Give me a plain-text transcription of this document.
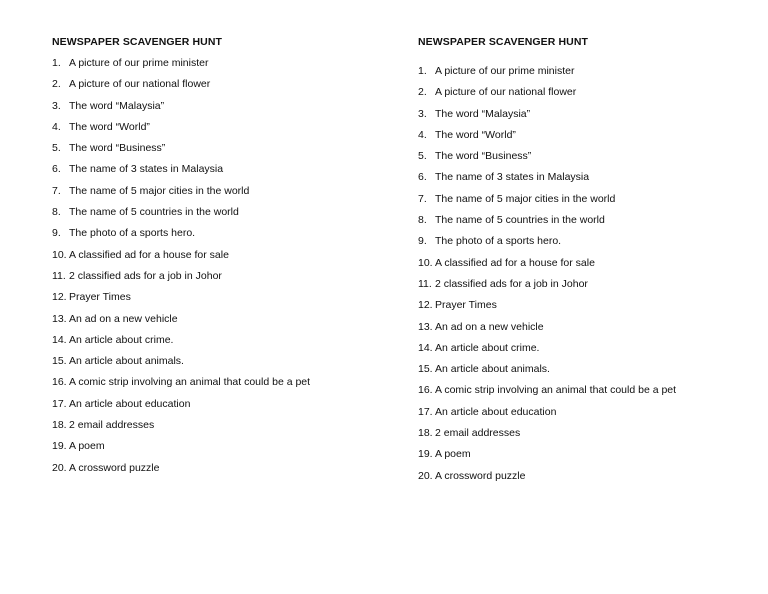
NEWSPAPER SCAVENGER HUNT
1. A picture of our prime minister
2. A picture of our national flower
3. The word “Malaysia”
4. The word “World”
5. The word “Business”
6. The name of 3 states in Malaysia
7. The name of 5 major cities in the world
8. The name of 5 countries in the world
9. The photo of a sports hero.
10. A classified ad for a house for sale
11. 2 classified ads for a job in Johor
12. Prayer Times
13. An ad on a new vehicle
14. An article about crime.
15. An article about animals.
16. A comic strip involving an animal that could be a pet
17. An article about education
18. 2 email addresses
19. A poem
20. A crossword puzzle
NEWSPAPER SCAVENGER HUNT
1. A picture of our prime minister
2. A picture of our national flower
3. The word “Malaysia”
4. The word “World”
5. The word “Business”
6. The name of 3 states in Malaysia
7. The name of 5 major cities in the world
8. The name of 5 countries in the world
9. The photo of a sports hero.
10. A classified ad for a house for sale
11. 2 classified ads for a job in Johor
12. Prayer Times
13. An ad on a new vehicle
14. An article about crime.
15. An article about animals.
16. A comic strip involving an animal that could be a pet
17. An article about education
18. 2 email addresses
19. A poem
20. A crossword puzzle
